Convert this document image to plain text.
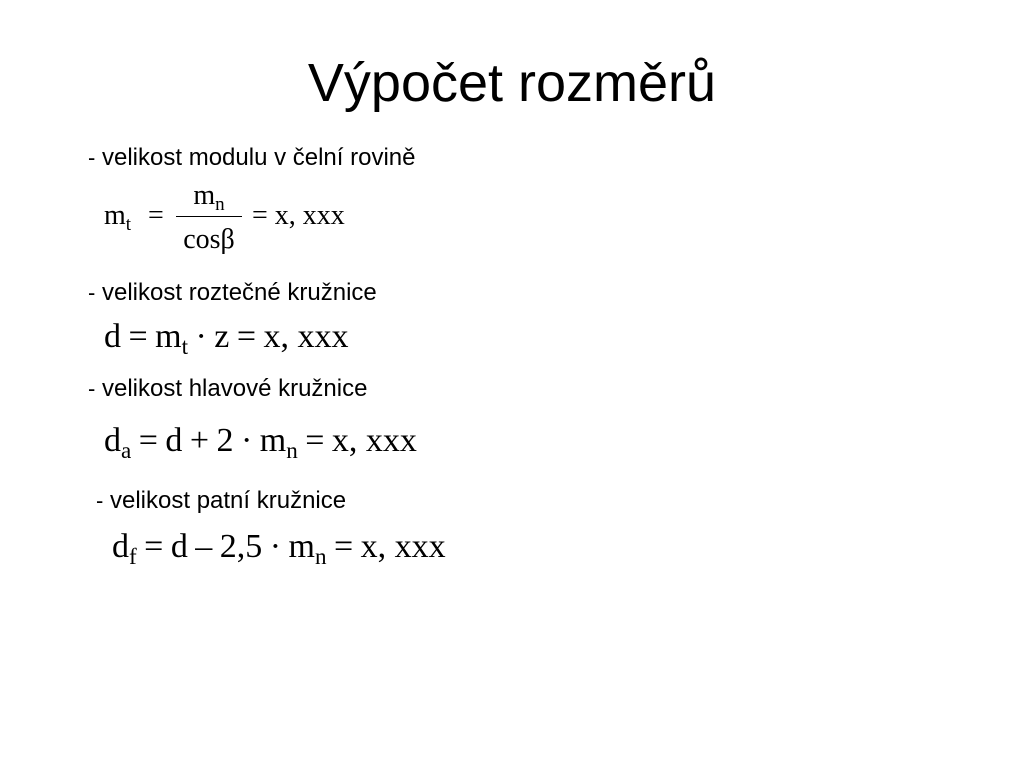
Výpočet rozměrů
- velikost modulu v čelní rovině
$m_t$ =
$m_n$
cosβ
= x, xxx
- velikost roztečné kružnice
$d = m_t \cdot z = x$, xxx
- velikost hlavové kružnice
$d_a = d + 2 \cdot m_n = x$, xxx
- velikost patní kružnice
$d_f = d - 2,5 \cdot m_n = x$, xxx
